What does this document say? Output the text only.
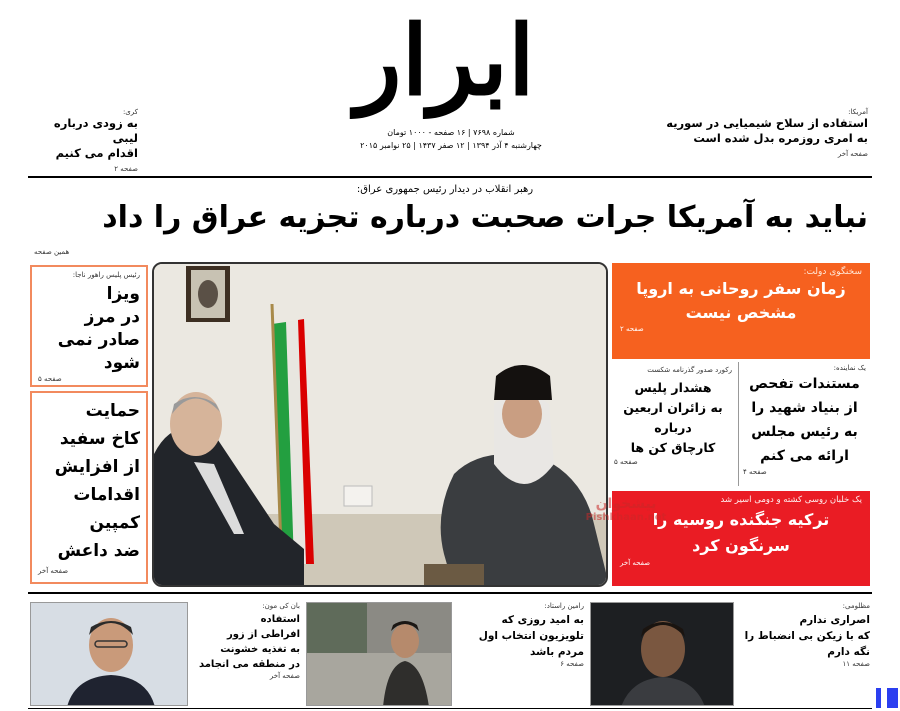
ابرار
شماره ۷۶۹۸ | ۱۶ صفحه - ۱۰۰۰ تومان
چهارشنبه ۴ آذر ۱۳۹۴ | ۱۲ صفر ۱۴۳۷ | ۲۵ نوامبر ۲۰۱۵
آمریکا:
استفاده از سلاح شیمیایی در سوریه
به امری روزمره بدل شده است
صفحه آخر
کری:
به زودی درباره لیبی
اقدام می کنیم
صفحه ۲
رهبر انقلاب در دیدار رئیس جمهوری عراق:
نباید به آمریکا جرات صحبت درباره تجزیه عراق را داد
همین صفحه
رئیس پلیس راهور ناجا:
ویزا
در مرز
صادر نمی شود
صفحه ۵
حمایت
کاخ سفید
از افزایش
اقدامات
کمپین
ضد داعش
صفحه آخر
سخنگوی دولت:
زمان سفر روحانی به اروپا
مشخص نیست
صفحه ۲
یک نماینده:
مستندات تفحص
از بنیاد شهید را
به رئیس مجلس
ارائه می کنم
صفحه ۴
رکورد صدور گذرنامه شکست
هشدار پلیس
به زائران اربعین
درباره
کارچاق کن ها
صفحه ۵
یک خلبان روسی کشته و دومی اسیر شد
ترکیه جنگنده روسیه را
سرنگون کرد
صفحه آخر
پیشخوان
Pishkhaan.net
مظلومی:
اصراری ندارم
که با زیکن بی انضباط را
نگه دارم
صفحه ۱۱
رامین راستاد:
به امید روزی که
تلویزیون انتخاب اول
مردم باشد
صفحه ۶
بان کی مون:
استفاده
افراطی از زور
به تغذیه خشونت
در منطقه می انجامد
صفحه آخر
